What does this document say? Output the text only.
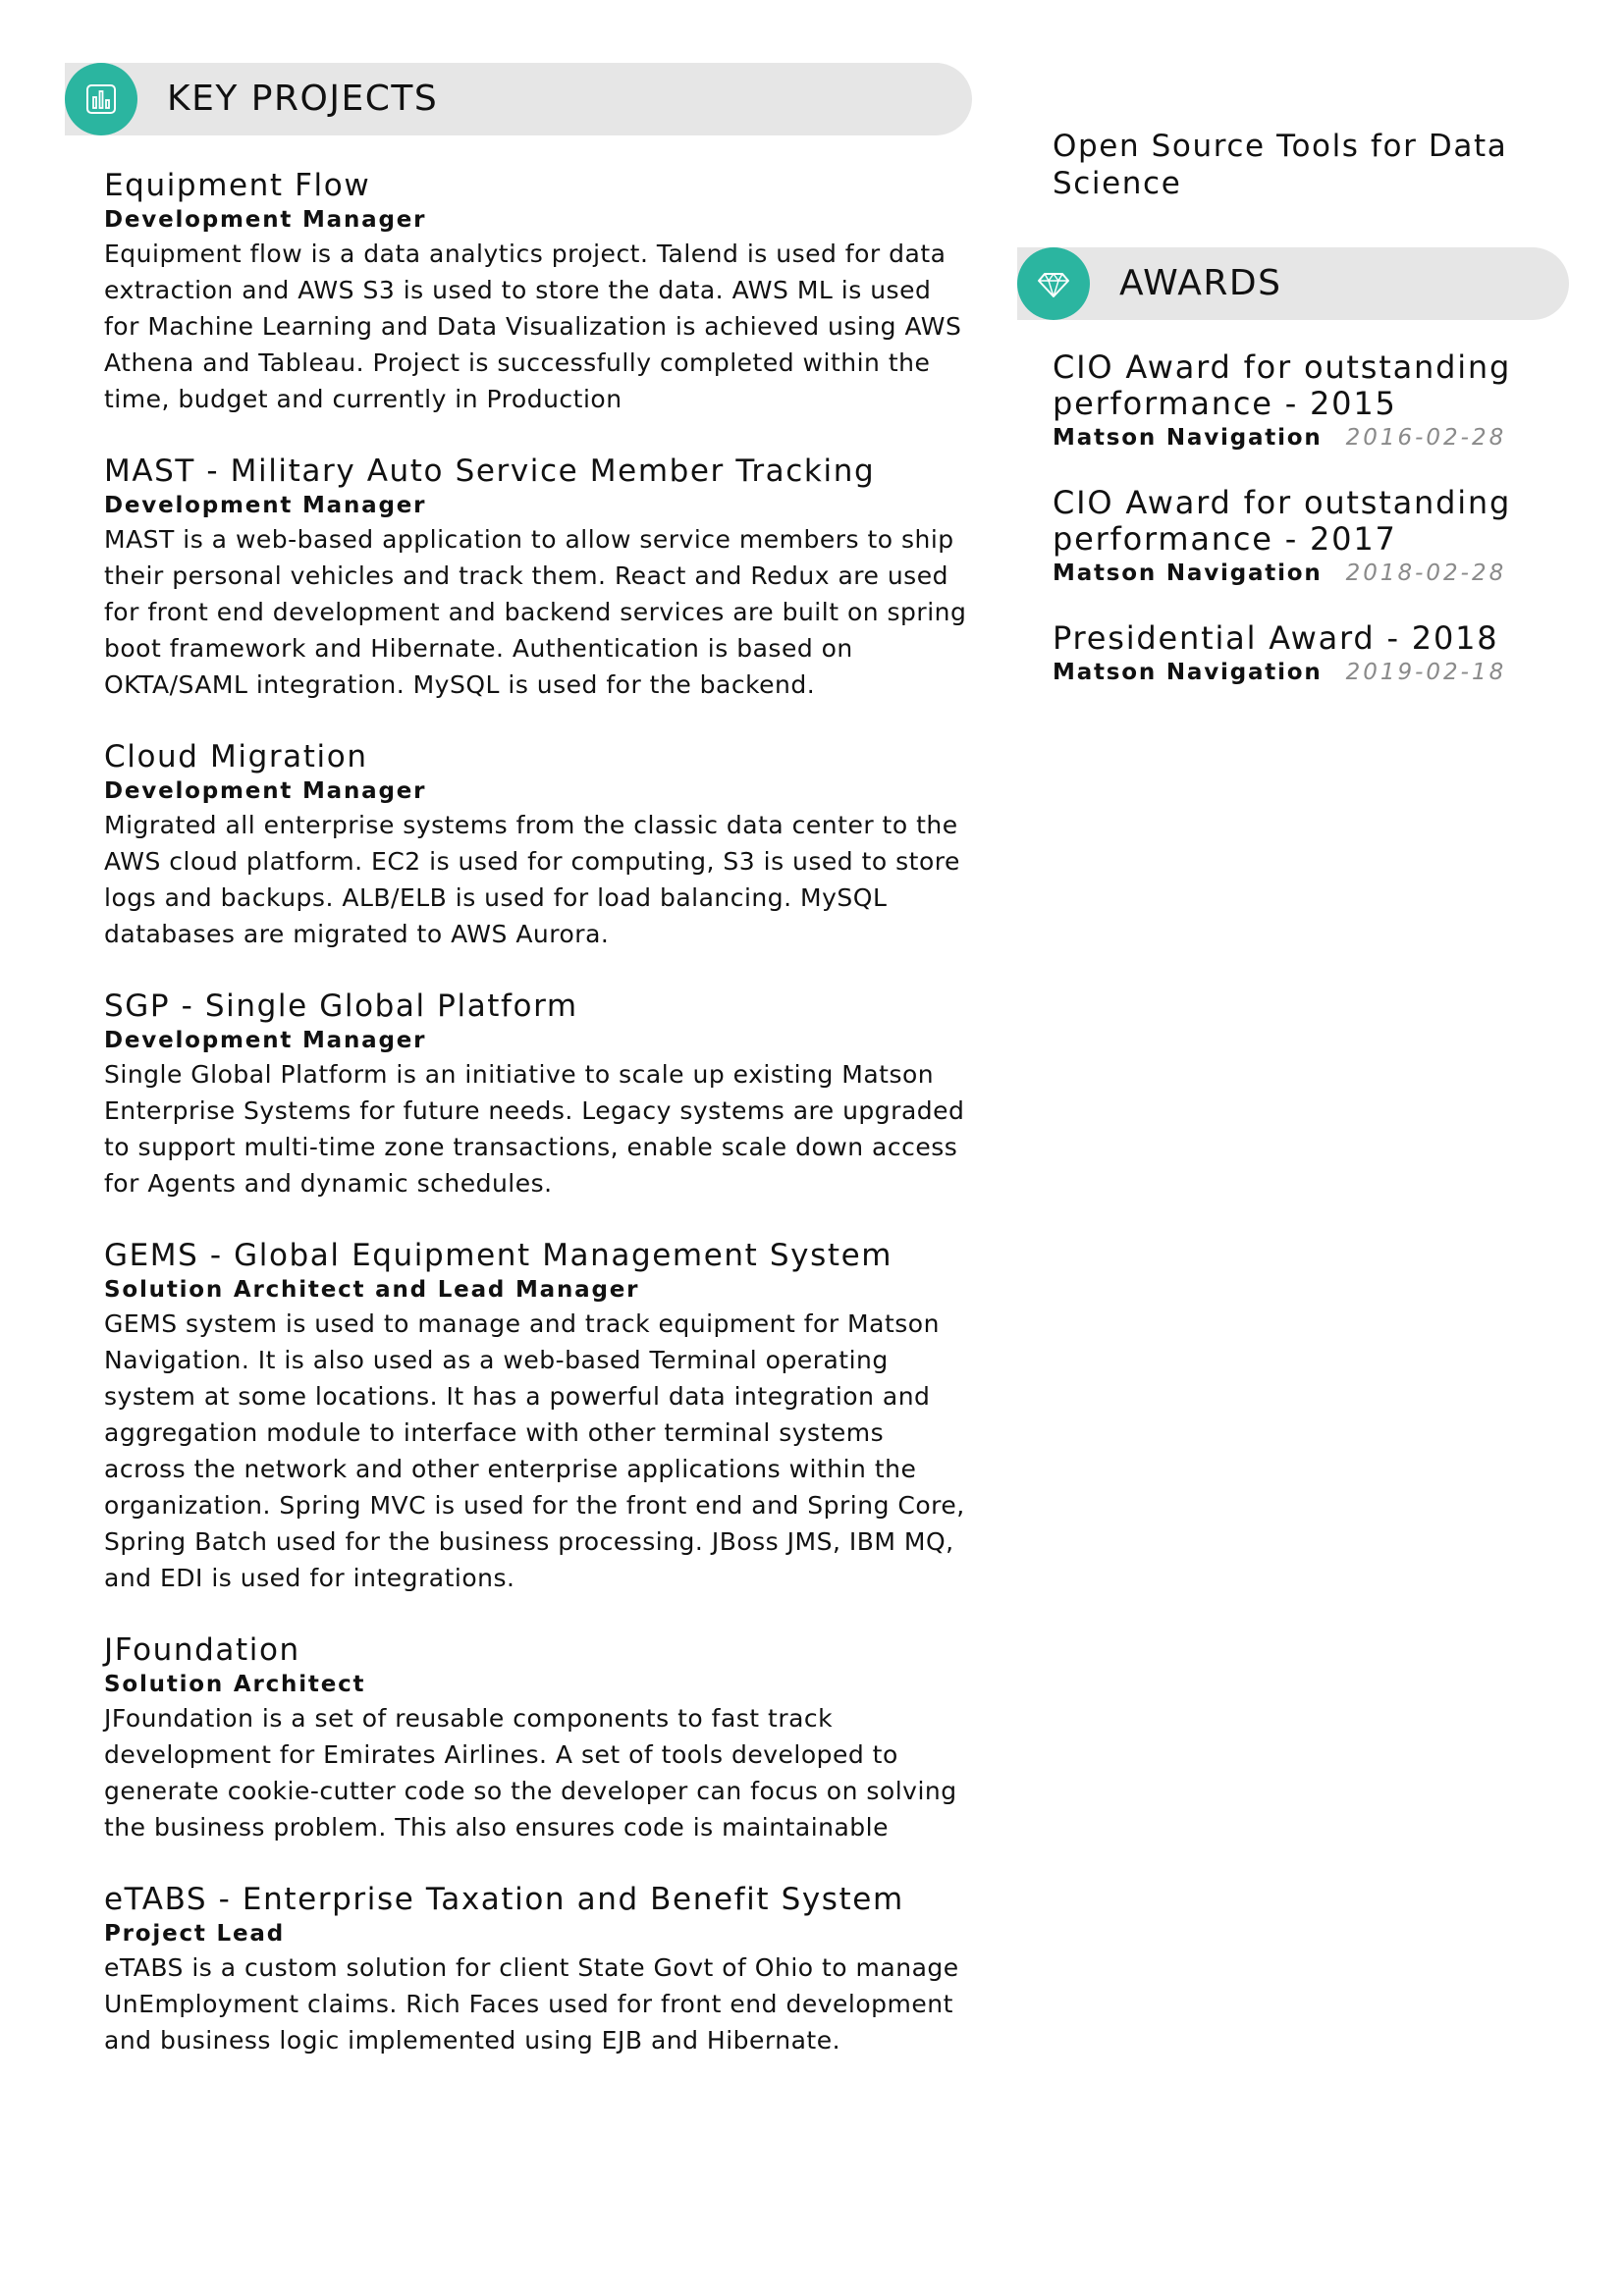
KEY PROJECTS
Equipment Flow
Development Manager
Equipment flow is a data analytics project. Talend is used for data extraction and AWS S3 is used to store the data. AWS ML is used for Machine Learning and Data Visualization is achieved using AWS Athena and Tableau. Project is successfully completed within the time, budget and currently in Production
MAST - Military Auto Service Member Tracking
Development Manager
MAST is a web-based application to allow service members to ship their personal vehicles and track them. React and Redux are used for front end development and backend services are built on spring boot framework and Hibernate. Authentication is based on OKTA/SAML integration. MySQL is used for the backend.
Cloud Migration
Development Manager
Migrated all enterprise systems from the classic data center to the AWS cloud platform. EC2 is used for computing, S3 is used to store logs and backups. ALB/ELB is used for load balancing. MySQL databases are migrated to AWS Aurora.
SGP - Single Global Platform
Development Manager
Single Global Platform is an initiative to scale up existing Matson Enterprise Systems for future needs. Legacy systems are upgraded to support multi-time zone transactions, enable scale down access for Agents and dynamic schedules.
GEMS - Global Equipment Management System
Solution Architect and Lead Manager
GEMS system is used to manage and track equipment for Matson Navigation. It is also used as a web-based Terminal operating system at some locations. It has a powerful data integration and aggregation module to interface with other terminal systems across the network and other enterprise applications within the organization. Spring MVC is used for the front end and Spring Core, Spring Batch used for the business processing. JBoss JMS, IBM MQ, and EDI is used for integrations.
JFoundation
Solution Architect
JFoundation is a set of reusable components to fast track development for Emirates Airlines. A set of tools developed to generate cookie-cutter code so the developer can focus on solving the business problem. This also ensures code is maintainable
eTABS - Enterprise Taxation and Benefit System
Project Lead
eTABS is a custom solution for client State Govt of Ohio to manage UnEmployment claims. Rich Faces used for front end development and business logic implemented using EJB and Hibernate.
Open Source Tools for Data Science
AWARDS
CIO Award for outstanding performance - 2015
Matson Navigation 2016-02-28
CIO Award for outstanding performance - 2017
Matson Navigation 2018-02-28
Presidential Award - 2018
Matson Navigation 2019-02-18
